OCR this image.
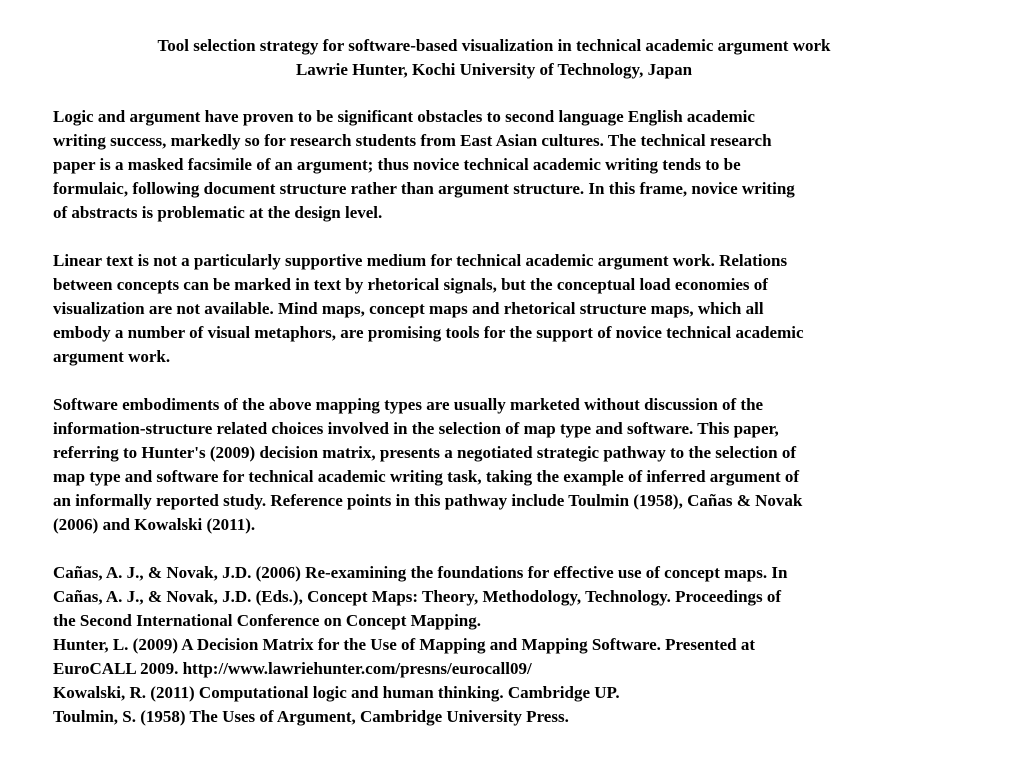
Tool selection strategy for software-based visualization in technical academic argument work
Lawrie Hunter, Kochi University of Technology, Japan
Logic and argument have proven to be significant obstacles to second language English academic
writing success, markedly so for research students from East Asian cultures. The technical research
paper is a masked facsimile of an argument; thus novice technical academic writing tends to be
formulaic, following document structure rather than argument structure. In this frame, novice writing
of abstracts is problematic at the design level.
Linear text is not a particularly supportive medium for technical academic argument work. Relations
between concepts can be marked in text by rhetorical signals, but the conceptual load economies of
visualization are not available. Mind maps, concept maps and rhetorical structure maps, which all
embody a number of visual metaphors, are promising tools for the support of novice technical academic
argument work.
Software embodiments of the above mapping types are usually marketed without discussion of the
information-structure related choices involved in the selection of map type and software. This paper,
referring to Hunter's (2009) decision matrix, presents a negotiated strategic pathway to the selection of
map type and software for technical academic writing task, taking the example of inferred argument of
an informally reported study. Reference points in this pathway include Toulmin (1958), Cañas & Novak
(2006) and Kowalski (2011).
Cañas, A. J., & Novak, J.D. (2006) Re-examining the foundations for effective use of concept maps. In
Cañas, A. J., & Novak, J.D. (Eds.), Concept Maps: Theory, Methodology, Technology. Proceedings of
the Second International Conference on Concept Mapping.
Hunter, L. (2009) A Decision Matrix for the Use of Mapping and Mapping Software. Presented at
EuroCALL 2009. http://www.lawriehunter.com/presns/eurocall09/
Kowalski, R. (2011) Computational logic and human thinking. Cambridge UP.
Toulmin, S. (1958) The Uses of Argument, Cambridge University Press.
